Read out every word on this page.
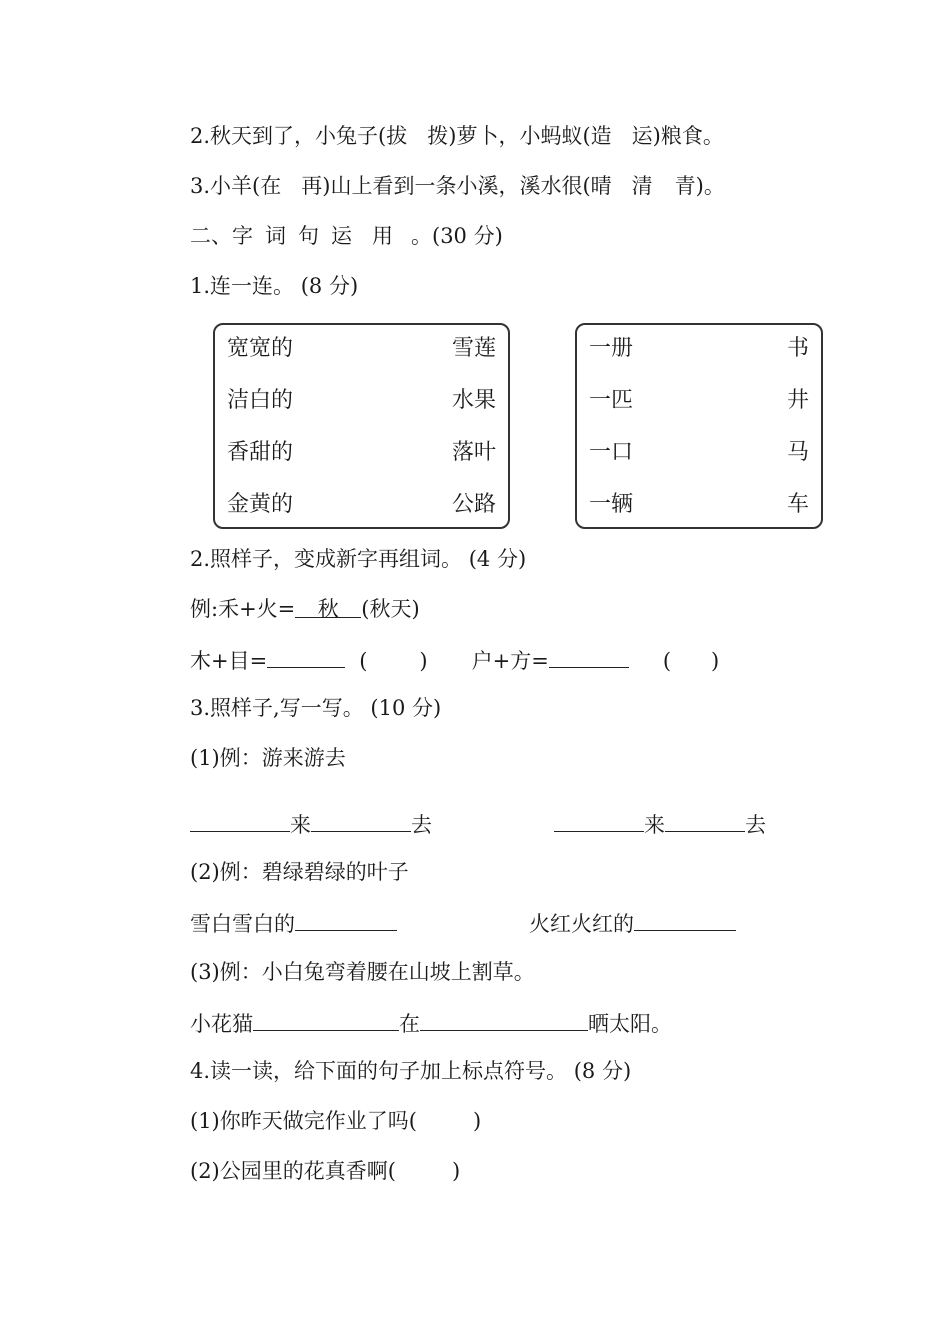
2.秋天到了，小兔子(拔 拨)萝卜，小蚂蚁(造 运)粮食。
3.小羊(在 再)山上看到一条小溪，溪水很(晴 清 青)。
二、字 词 句 运 用 。(30 分)
1.连一连。 (8 分)
宽宽的	雪莲
洁白的	水果
香甜的	落叶
金黄的	公路
一册	书
一匹	井
一口	马
一辆	车
2.照样子，变成新字再组词。 (4 分)
例:禾+火= 秋 (秋天)
木+目=	( ) 户+方=	( )
3.照样子,写一写。 (10 分)
(1)例：游来游去
来	去	来	去
(2)例：碧绿碧绿的叶子
雪白雪白的	火红火红的
(3)例：小白兔弯着腰在山坡上割草。
小花猫	在	晒太阳。
4.读一读，给下面的句子加上标点符号。 (8 分)
(1)你昨天做完作业了吗(	)
(2)公园里的花真香啊(	)
